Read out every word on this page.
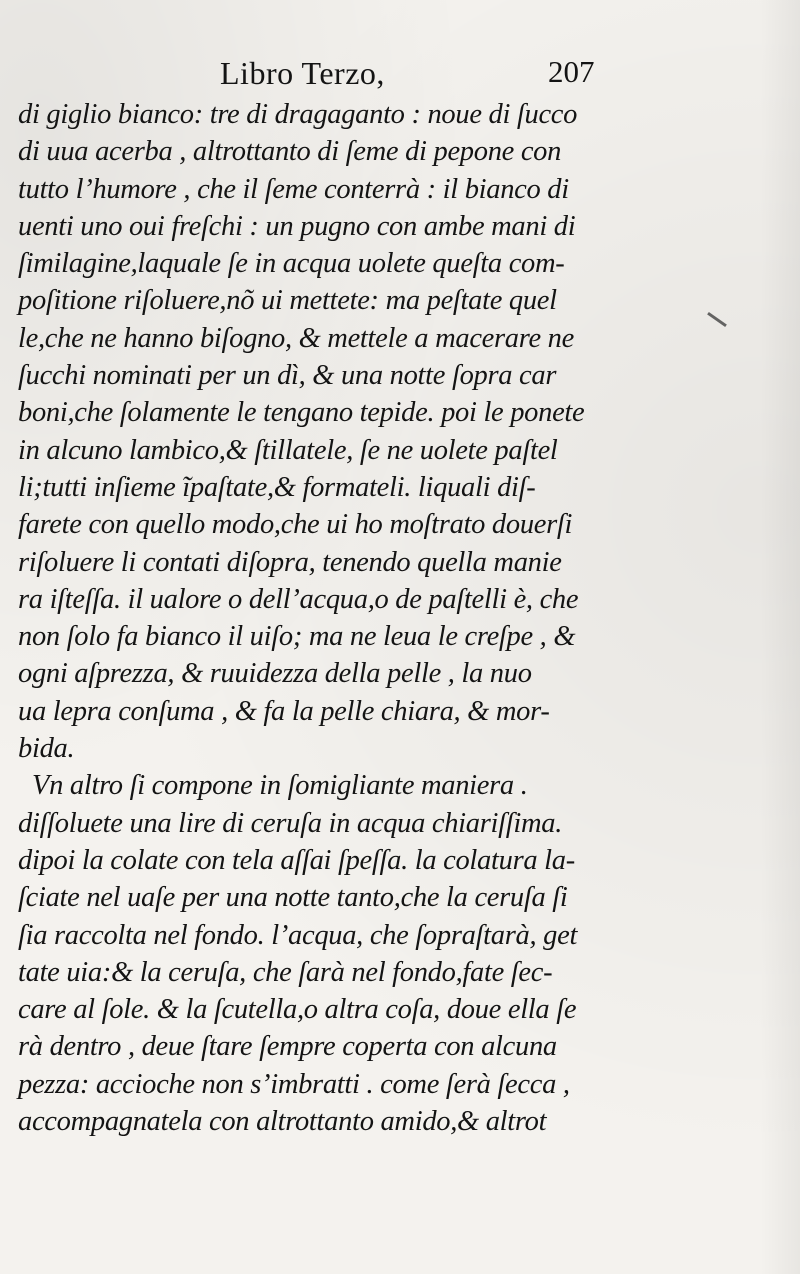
Libro Terzo,	207
di giglio bianco: tre di dragaganto : noue di ſucco
di uua acerba , altrottanto di ſeme di pepone con
tutto l’humore , che il ſeme conterrà : il bianco di
uenti uno oui freſchi : un pugno con ambe mani di
ſimilagine,laquale ſe in acqua uolete queſta com-
poſitione riſoluere,nõ ui mettete: ma peſtate quel
le,che ne hanno biſogno, & mettele a macerare ne
ſucchi nominati per un dì, & una notte ſopra car
boni,che ſolamente le tengano tepide. poi le ponete
in alcuno lambico,& ſtillatele, ſe ne uolete paſtel
li;tutti inſieme ĩpaſtate,& formateli. liquali diſ-
farete con quello modo,che ui ho moſtrato douerſi
riſoluere li contati diſopra, tenendo quella manie
ra iſteſſa. il ualore o dell’acqua,o de paſtelli è, che
non ſolo fa bianco il uiſo; ma ne leua le creſpe , &
ogni aſprezza, & ruuidezza della pelle , la nuo
ua lepra conſuma , & fa la pelle chiara, & mor-
bida.
Vn altro ſi compone in ſomigliante maniera .
diſſoluete una lire di ceruſa in acqua chiariſſima.
dipoi la colate con tela aſſai ſpeſſa. la colatura la-
ſciate nel uaſe per una notte tanto,che la ceruſa ſi
ſia raccolta nel fondo. l’acqua, che ſopraſtarà, get
tate uia:& la ceruſa, che ſarà nel fondo,fate ſec-
care al ſole. & la ſcutella,o altra coſa, doue ella ſe
rà dentro , deue ſtare ſempre coperta con alcuna
pezza: accioche non s’imbratti . come ſerà ſecca ,
accompagnatela con altrottanto amido,& altrot
